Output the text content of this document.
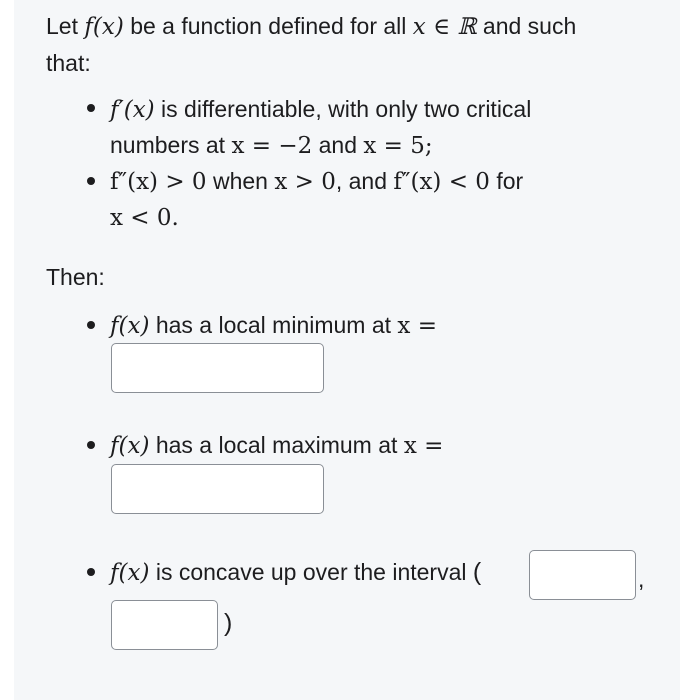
Let f(x) be a function defined for all x ∈ ℝ and such
that:
f′(x) is differentiable, with only two critical
numbers at x = −2 and x = 5;
f″(x) > 0 when x > 0, and f″(x) < 0 for
x < 0.
Then:
f(x) has a local minimum at x =
f(x) has a local maximum at x =
f(x) is concave up over the interval (	,
)
